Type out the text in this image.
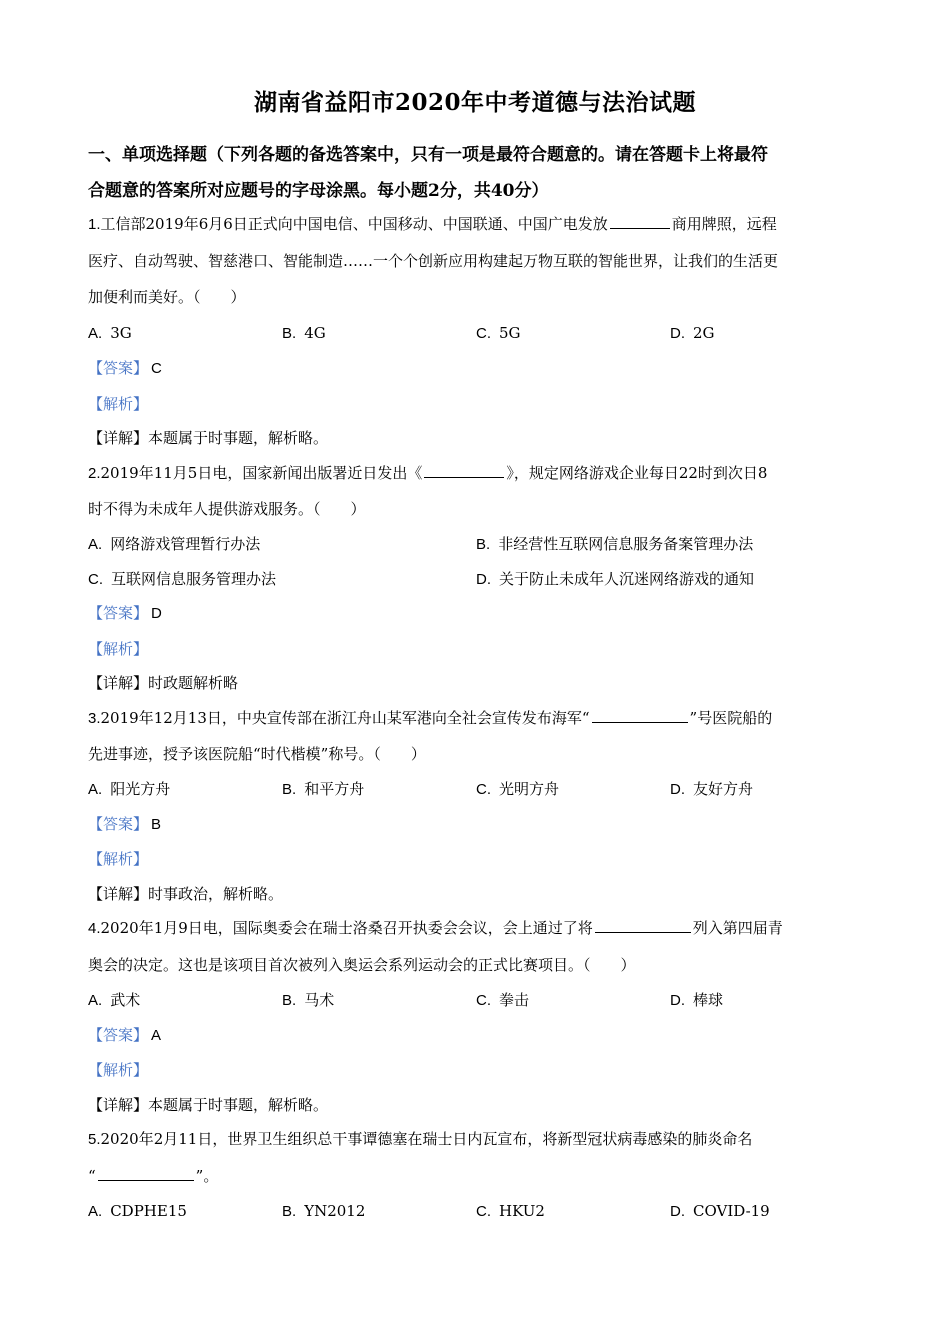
湖南省益阳市2020年中考道德与法治试题
一、单项选择题（下列各题的备选答案中，只有一项是最符合题意的。请在答题卡上将最符
合题意的答案所对应题号的字母涂黑。每小题2分，共40分）
1.工信部2019年6月6日正式向中国电信、中国移动、中国联通、中国广电发放	商用牌照，远程
医疗、自动驾驶、智慈港口、智能制造……一个个创新应用构建起万物互联的智能世界，让我们的生活更
加便利而美好。（　　）
A. 3G	B. 4G	C. 5G	D. 2G
【答案】 C
【解析】
【详解】本题属于时事题，解析略。
2.2019年11月5日电，国家新闻出版署近日发出《	》，规定网络游戏企业每日22时到次日8
时不得为未成年人提供游戏服务。（　　）
A. 网络游戏管理暂行办法	B. 非经营性互联网信息服务备案管理办法
C. 互联网信息服务管理办法	D. 关于防止未成年人沉迷网络游戏的通知
【答案】 D
【解析】
【详解】时政题解析略
3.2019年12月13日，中央宣传部在浙江舟山某军港向全社会宣传发布海军“	”号医院船的
先进事迹，授予该医院船“时代楷模”称号。（　　）
A. 阳光方舟	B. 和平方舟	C. 光明方舟	D. 友好方舟
【答案】 B
【解析】
【详解】时事政治，解析略。
4.2020年1月9日电，国际奥委会在瑞士洛桑召开执委会会议，会上通过了将	列入第四届青
奥会的决定。这也是该项目首次被列入奥运会系列运动会的正式比赛项目。（　　）
A. 武术	B. 马术	C. 拳击	D. 棒球
【答案】 A
【解析】
【详解】本题属于时事题，解析略。
5.2020年2月11日，世界卫生组织总干事谭德塞在瑞士日内瓦宣布，将新型冠状病毒感染的肺炎命名
“	”。
A. CDPHE15	B. YN2012	C. HKU2	D. COVID-19
